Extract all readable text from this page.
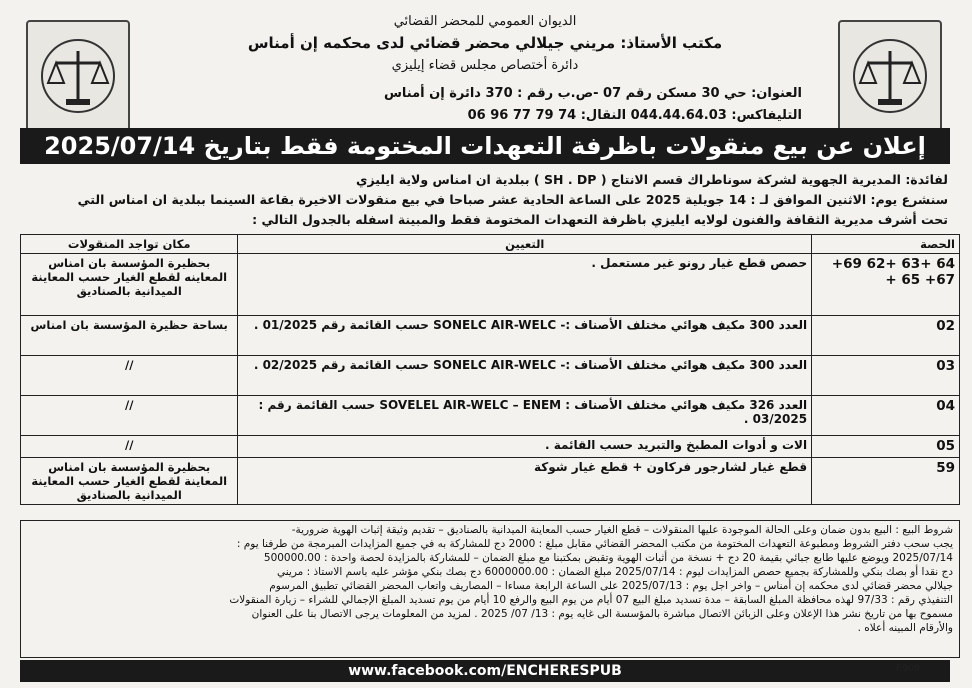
الديوان العمومي للمحضر القضائي
مكتب الأستاذ: مريني جيلالي محضر قضائي لدى محكمه إن أمناس
دائرة أختصاص مجلس قضاء إيليزي
العنوان: حي 30 مسكن رقم 07 -ص.ب رقم : 370 دائرة إن أمناس
التليفاكس: 044.44.64.03 النقال: 74 79 77 96 06
إعلان عن بيع منقولات باظرفة التعهدات المختومة فقط بتاريخ 2025/07/14
لفائدة: المديرية الجهوية لشركة سوناطراك قسم الانتاج ( SH . DP ) ببلدية ان امناس ولاية ايليزي
سنشرع يوم: الاثنين الموافق لـ : 14 جويلية 2025 على الساعة الحادية عشر صباحا في بيع منقولات الاخيرة بقاعة السينما ببلدية ان امناس التي
تحت أشرف مديرية الثقافة والفنون لولايه ايليزي باظرفة التعهدات المختومة فقط والمبينة اسفله بالجدول التالي :
الحصة	التعيين	مكان تواجد المنقولات
64 +63 +62 69+ 67+ 65 +	حصص قطع غيار رونو غير مستعمل .	بحظيرة المؤسسة بان امناس المعاينه لقطع الغيار حسب المعاينة الميدانية بالصناديق
02	العدد 300 مكيف هوائي مختلف الأصناف :- SONELC AIR-WELC حسب القائمة رقم 01/2025 .	بساحة حظيرة المؤسسة بان امناس
03	العدد 300 مكيف هوائي مختلف الأصناف :- SONELC AIR-WELC حسب القائمة رقم 02/2025 .	//
04	العدد 326 مكيف هوائي مختلف الأصناف : SOVELEL AIR-WELC – ENEM حسب القائمة رقم : 03/2025 .	//
05	الات و أدوات المطبخ والتبريد حسب القائمة .	//
59	قطع غيار لشارجور فركاون + قطع غيار شوكة	بحظيرة المؤسسة بان امناس المعاينة لقطع الغيار حسب المعاينة الميدانية بالصناديق
شروط البيع : البيع بدون ضمان وعلى الحالة الموجودة عليها المنقولات – قطع الغيار حسب المعاينة الميدانية بالصناديق – تقديم وثيقة إثبات الهوية ضرورية-
يجب سحب دفتر الشروط ومطبوعة التعهدات المختومة من مكتب المحضر القضائي مقابل مبلغ : 2000 دج للمشاركة به في جميع المزايدات المبرمجة من طرفنا يوم :
2025/07/14 ويوضع عليها طابع جبائي بقيمة 20 دج + نسخة من أثبات الهوية وتقبض بمكتبنا مع مبلغ الضمان – للمشاركة بالمزايدة لحصة واحدة : 500000.00
دج نقدا أو بصك بنكي وللمشاركة بجميع حصص المزايدات ليوم : 2025/07/14 مبلغ الضمان : 6000000.00 دج بصك بنكي مؤشر عليه باسم الاستاذ : مريني
جيلالي محضر قضائي لدى محكمه إن أمناس – واخر اجل يوم : 2025/07/13 على الساعة الرابعة مساءا – المصاريف واتعاب المحضر القضائي تطبيق المرسوم
التنفيذي رقم : 97/33 لهذه محافظة المبلغ السابقة – مدة تسديد مبلغ البيع 07 أيام من يوم البيع والرفع 10 أيام من يوم تسديد المبلغ الإجمالي للشراء – زيارة المنقولات
مسموح بها من تاريخ نشر هذا الإعلان وعلى الزبائن الاتصال مباشرة بالمؤسسة الى غايه يوم : 13/ 07/ 2025 . لمزيد من المعلومات يرجى الاتصال بنا على العنوان
والأرقام المبينه أعلاه .
www.facebook.com/ENCHERESPUB	F.909
